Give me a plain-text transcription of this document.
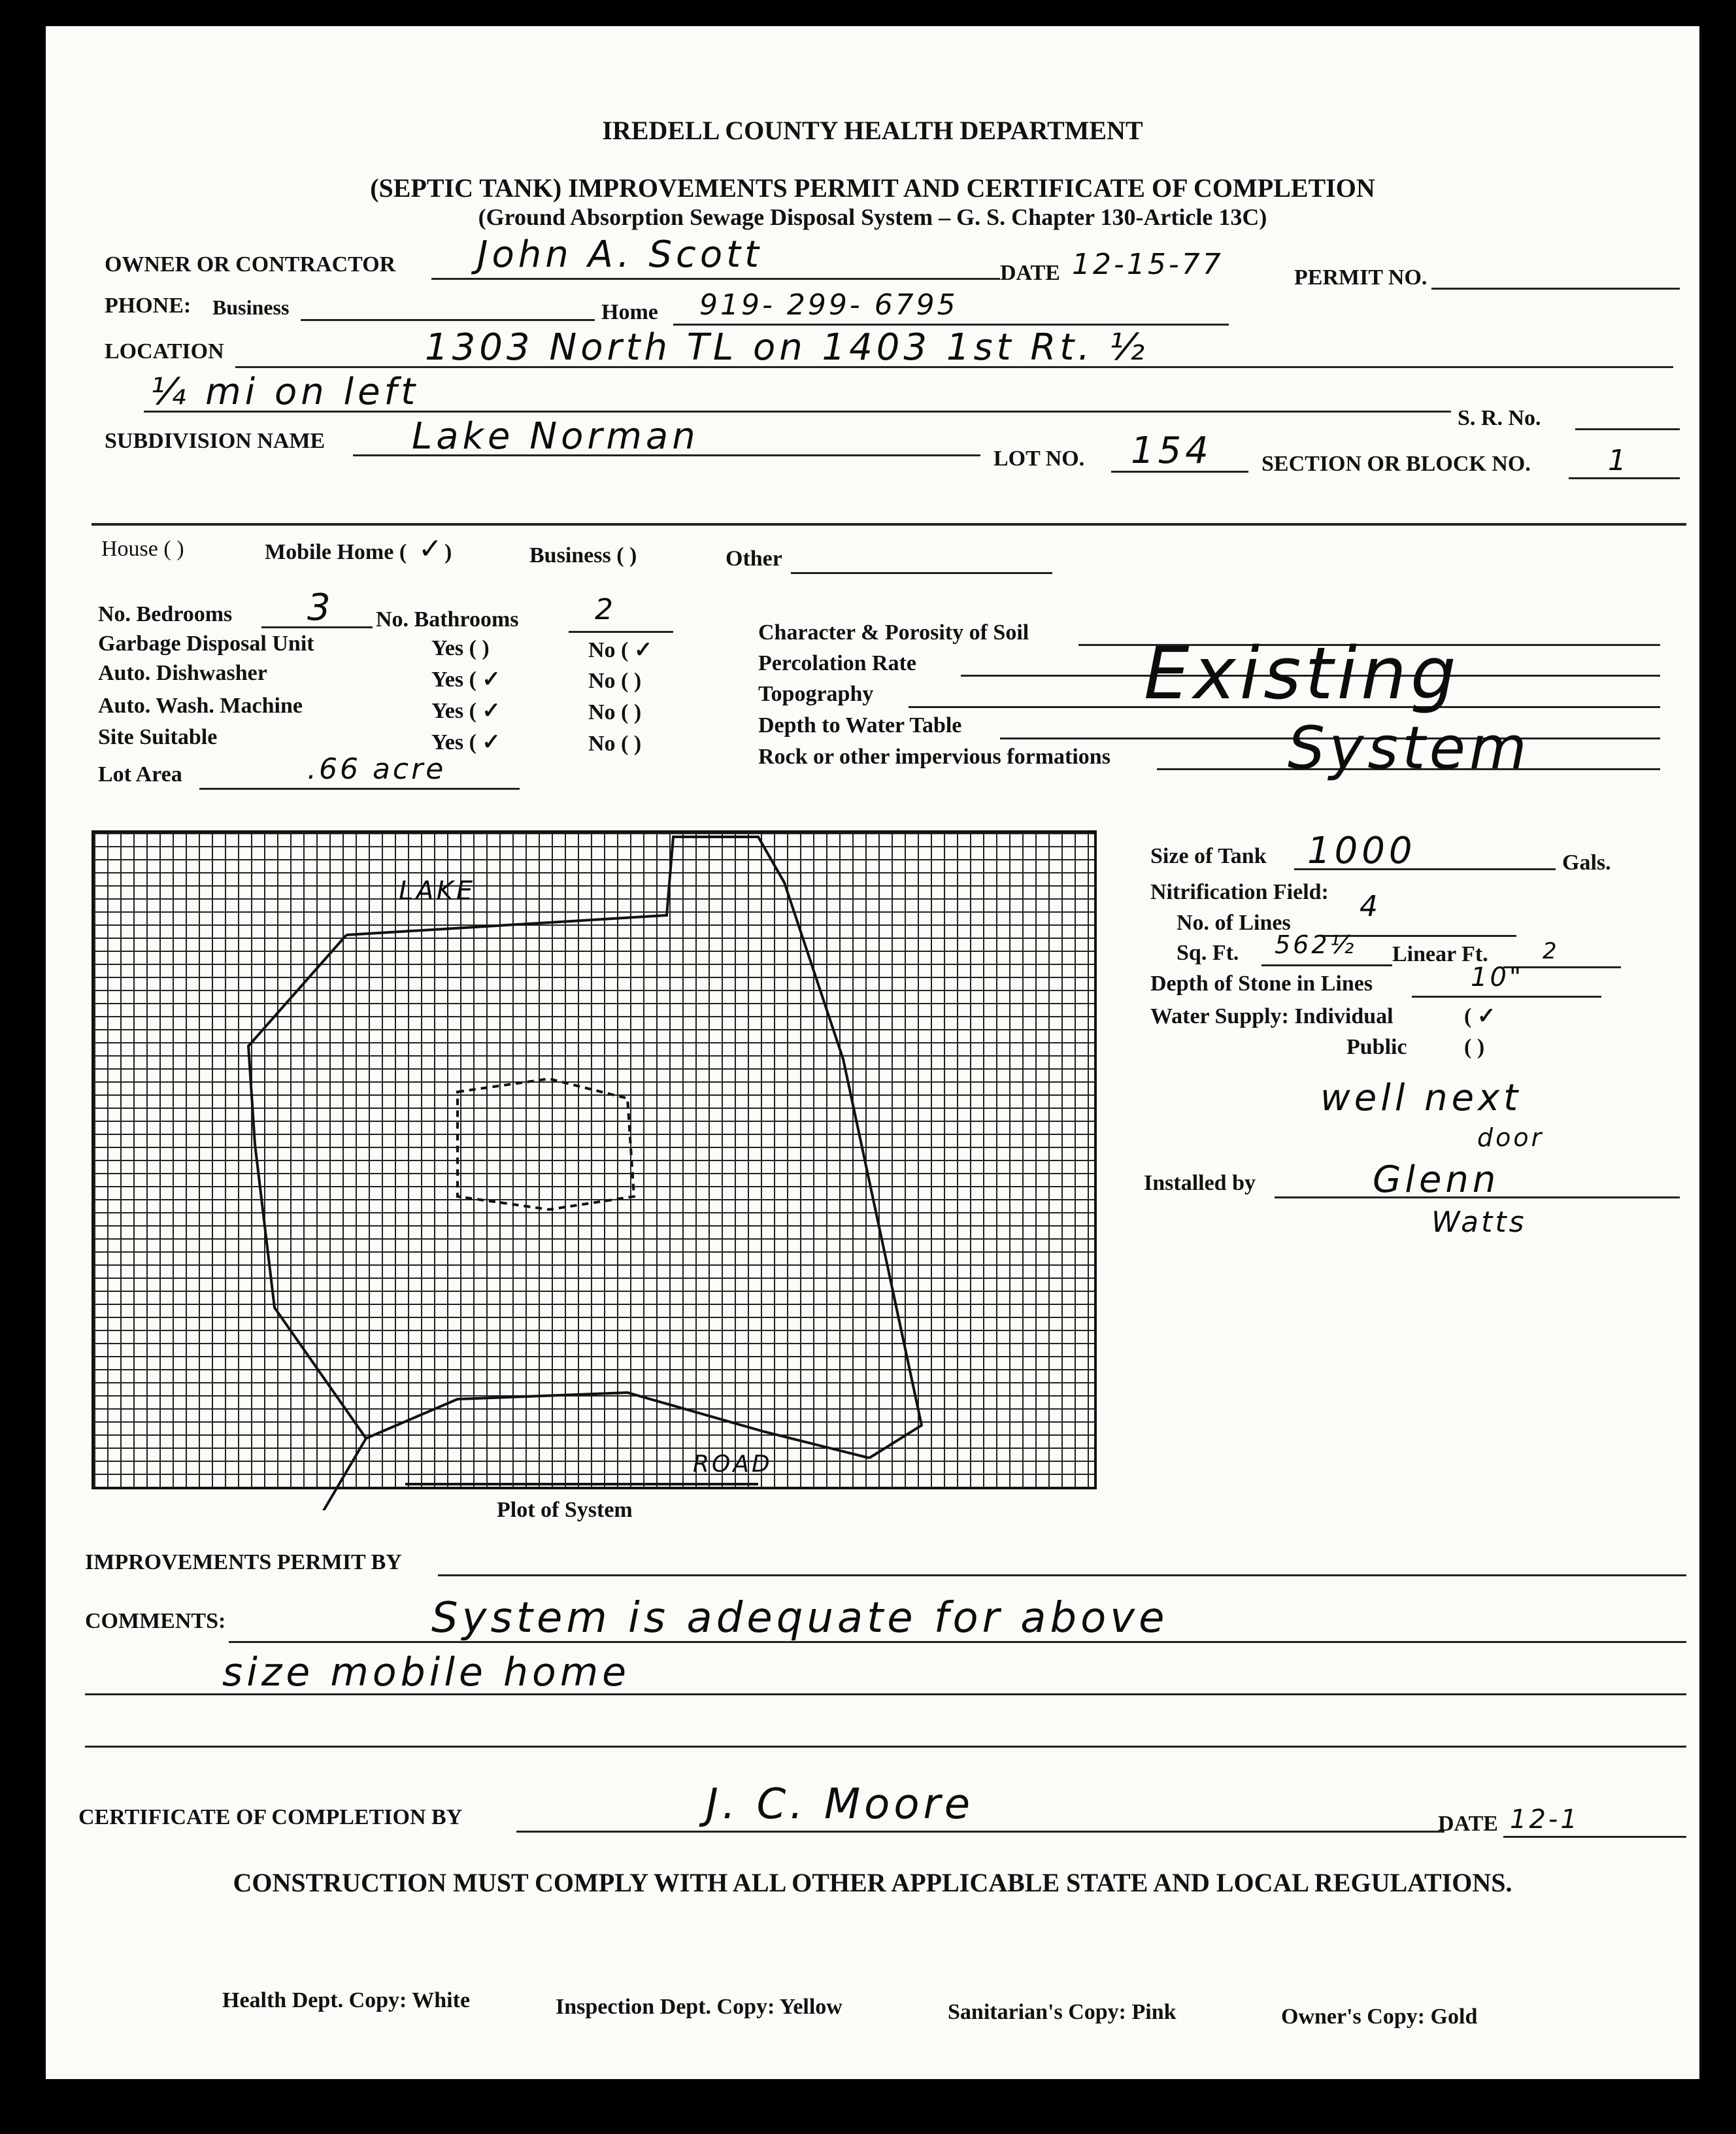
IREDELL COUNTY HEALTH DEPARTMENT
(SEPTIC TANK) IMPROVEMENTS PERMIT AND CERTIFICATE OF COMPLETION
(Ground Absorption Sewage Disposal System – G. S. Chapter 130-Article 13C)
OWNER OR CONTRACTOR John A. Scott	DATE 12-15-77	PERMIT NO.
PHONE: Business	Home 919- 299- 6795
LOCATION	1303 North TL on 1403 1st Rt. ½
¼ mi on left
S. R. No.
SUBDIVISION NAME Lake Norman
LOT NO. 154 SECTION OR BLOCK NO.	1
House ( )	Mobile Home ( ✓ )	Business ( )	Other
No. Bedrooms 3 No. Bathrooms	2
Garbage Disposal Unit	Yes ( )	No ( ✓
Auto. Dishwasher	Yes ( ✓	No ( )
Auto. Wash. Machine	Yes ( ✓	No ( )
Site Suitable	Yes ( ✓	No ( )
Lot Area	.66 acre
Character & Porosity of Soil
Percolation Rate
Topography
Depth to Water Table
Rock or other impervious formations
Existing
System
LAKE
ROAD
Plot of System
Size of Tank 1000	Gals.
Nitrification Field:
No. of Lines 4
Sq. Ft. 562½ Linear Ft. 2
Depth of Stone in Lines	10"
Water Supply: Individual	( ✓
Public	( )
well next
door
Installed by	Glenn
Watts
IMPROVEMENTS PERMIT BY
COMMENTS:	System is adequate for above
size mobile home
CERTIFICATE OF COMPLETION BY	J. C. Moore	DATE 12-1
CONSTRUCTION MUST COMPLY WITH ALL OTHER APPLICABLE STATE AND LOCAL REGULATIONS.
Health Dept. Copy: White	Inspection Dept. Copy: Yellow	Sanitarian's Copy: Pink	Owner's Copy: Gold
